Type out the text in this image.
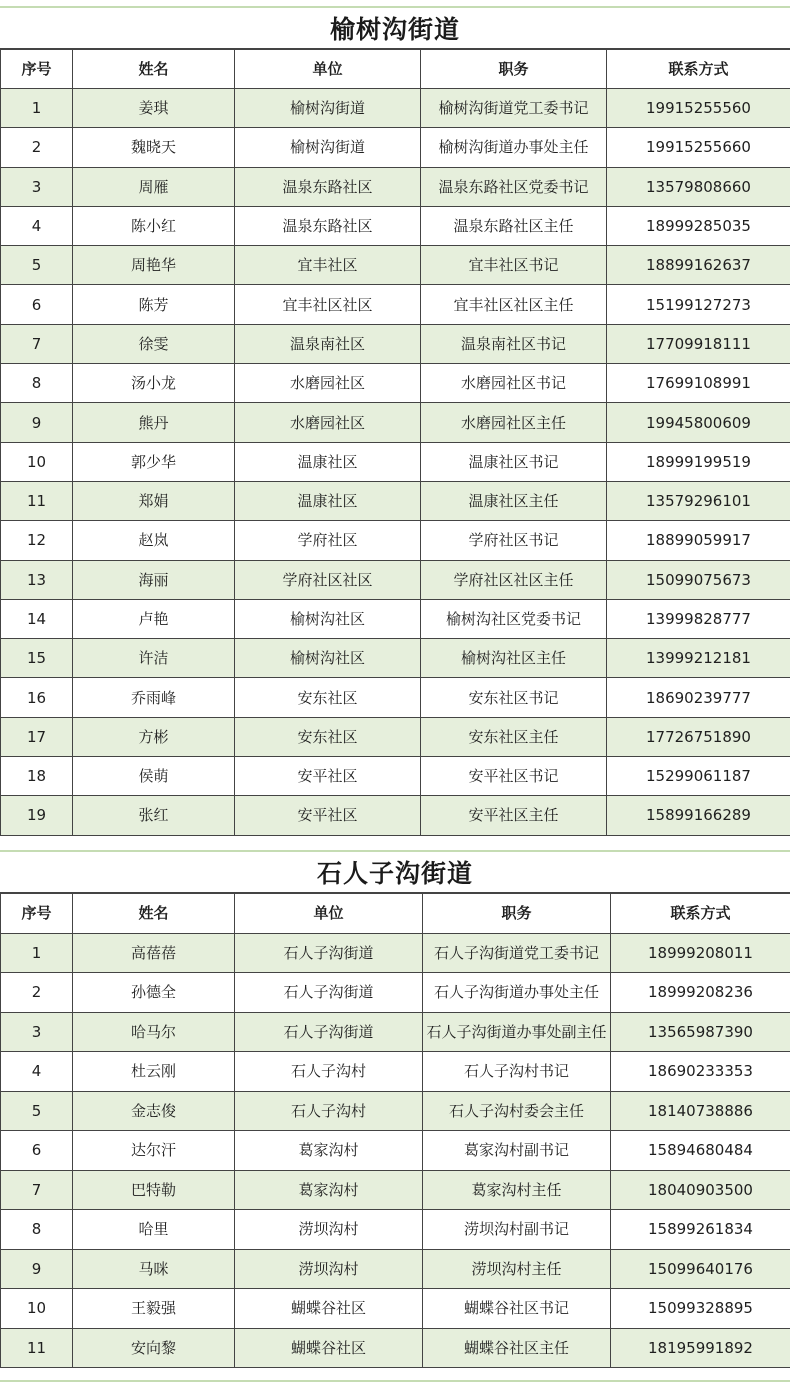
榆树沟街道
序号	姓名	单位	职务	联系方式
1	姜琪	榆树沟街道	榆树沟街道党工委书记	19915255560
2	魏晓天	榆树沟街道	榆树沟街道办事处主任	19915255660
3	周雁	温泉东路社区	温泉东路社区党委书记	13579808660
4	陈小红	温泉东路社区	温泉东路社区主任	18999285035
5	周艳华	宜丰社区	宜丰社区书记	18899162637
6	陈芳	宜丰社区社区	宜丰社区社区主任	15199127273
7	徐雯	温泉南社区	温泉南社区书记	17709918111
8	汤小龙	水磨园社区	水磨园社区书记	17699108991
9	熊丹	水磨园社区	水磨园社区主任	19945800609
10	郭少华	温康社区	温康社区书记	18999199519
11	郑娟	温康社区	温康社区主任	13579296101
12	赵岚	学府社区	学府社区书记	18899059917
13	海丽	学府社区社区	学府社区社区主任	15099075673
14	卢艳	榆树沟社区	榆树沟社区党委书记	13999828777
15	许洁	榆树沟社区	榆树沟社区主任	13999212181
16	乔雨峰	安东社区	安东社区书记	18690239777
17	方彬	安东社区	安东社区主任	17726751890
18	侯萌	安平社区	安平社区书记	15299061187
19	张红	安平社区	安平社区主任	15899166289
石人子沟街道
序号	姓名	单位	职务	联系方式
1	高蓓蓓	石人子沟街道	石人子沟街道党工委书记	18999208011
2	孙德全	石人子沟街道	石人子沟街道办事处主任	18999208236
3	哈马尔	石人子沟街道	石人子沟街道办事处副主任	13565987390
4	杜云刚	石人子沟村	石人子沟村书记	18690233353
5	金志俊	石人子沟村	石人子沟村委会主任	18140738886
6	达尔汗	葛家沟村	葛家沟村副书记	15894680484
7	巴特勒	葛家沟村	葛家沟村主任	18040903500
8	哈里	涝坝沟村	涝坝沟村副书记	15899261834
9	马咪	涝坝沟村	涝坝沟村主任	15099640176
10	王毅强	蝴蝶谷社区	蝴蝶谷社区书记	15099328895
11	安向黎	蝴蝶谷社区	蝴蝶谷社区主任	18195991892
